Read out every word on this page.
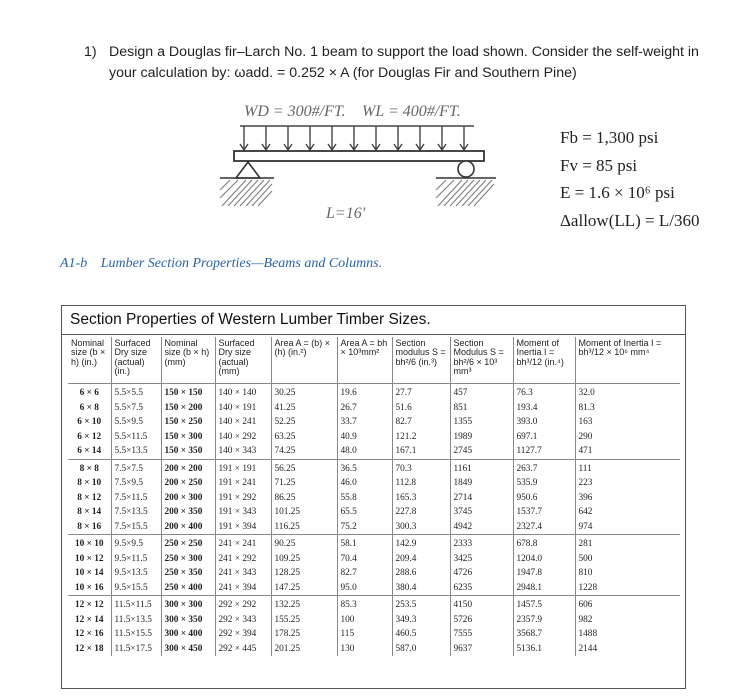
1) Design a Douglas fir–Larch No. 1 beam to support the load shown. Consider the self-weight in your calculation by: ωadd. = 0.252 × A (for Douglas Fir and Southern Pine)
WD = 300#/FT. WL = 400#/FT.
L=16'
Fb = 1,300 psi
Fv = 85 psi
E = 1.6 × 10⁶ psi
Δallow(LL) = L/360
A1-b Lumber Section Properties—Beams and Columns.
Section Properties of Western Lumber Timber Sizes.
Nominal size (b × h) (in.)	Surfaced Dry size (actual) (in.)	Nominal size (b × h) (mm)	Surfaced Dry size (actual) (mm)	Area A = (b) × (h) (in.²)	Area A = bh × 10³mm²	Section modulus S = bh²/6 (in.³)	Section Modulus S = bh²/6 × 10³ mm³	Moment of Inertia I = bh³/12 (in.⁴)	Moment of Inertia I = bh³/12 × 10⁶ mm⁴
6 × 6	5.5×5.5	150 × 150	140 × 140	30.25	19.6	27.7	457	76.3	32.0
6 × 8	5.5×7.5	150 × 200	140 × 191	41.25	26.7	51.6	851	193.4	81.3
6 × 10	5.5×9.5	150 × 250	140 × 241	52.25	33.7	82.7	1355	393.0	163
6 × 12	5.5×11.5	150 × 300	140 × 292	63.25	40.9	121.2	1989	697.1	290
6 × 14	5.5×13.5	150 × 350	140 × 343	74.25	48.0	167.1	2745	1127.7	471
8 × 8	7.5×7.5	200 × 200	191 × 191	56.25	36.5	70.3	1161	263.7	111
8 × 10	7.5×9.5	200 × 250	191 × 241	71.25	46.0	112.8	1849	535.9	223
8 × 12	7.5×11.5	200 × 300	191 × 292	86.25	55.8	165.3	2714	950.6	396
8 × 14	7.5×13.5	200 × 350	191 × 343	101.25	65.5	227.8	3745	1537.7	642
8 × 16	7.5×15.5	200 × 400	191 × 394	116.25	75.2	300.3	4942	2327.4	974
10 × 10	9.5×9.5	250 × 250	241 × 241	90.25	58.1	142.9	2333	678.8	281
10 × 12	9.5×11.5	250 × 300	241 × 292	109.25	70.4	209.4	3425	1204.0	500
10 × 14	9.5×13.5	250 × 350	241 × 343	128.25	82.7	288.6	4726	1947.8	810
10 × 16	9.5×15.5	250 × 400	241 × 394	147.25	95.0	380.4	6235	2948.1	1228
12 × 12	11.5×11.5	300 × 300	292 × 292	132.25	85.3	253.5	4150	1457.5	606
12 × 14	11.5×13.5	300 × 350	292 × 343	155.25	100	349.3	5726	2357.9	982
12 × 16	11.5×15.5	300 × 400	292 × 394	178.25	115	460.5	7555	3568.7	1488
12 × 18	11.5×17.5	300 × 450	292 × 445	201.25	130	587.0	9637	5136.1	2144
